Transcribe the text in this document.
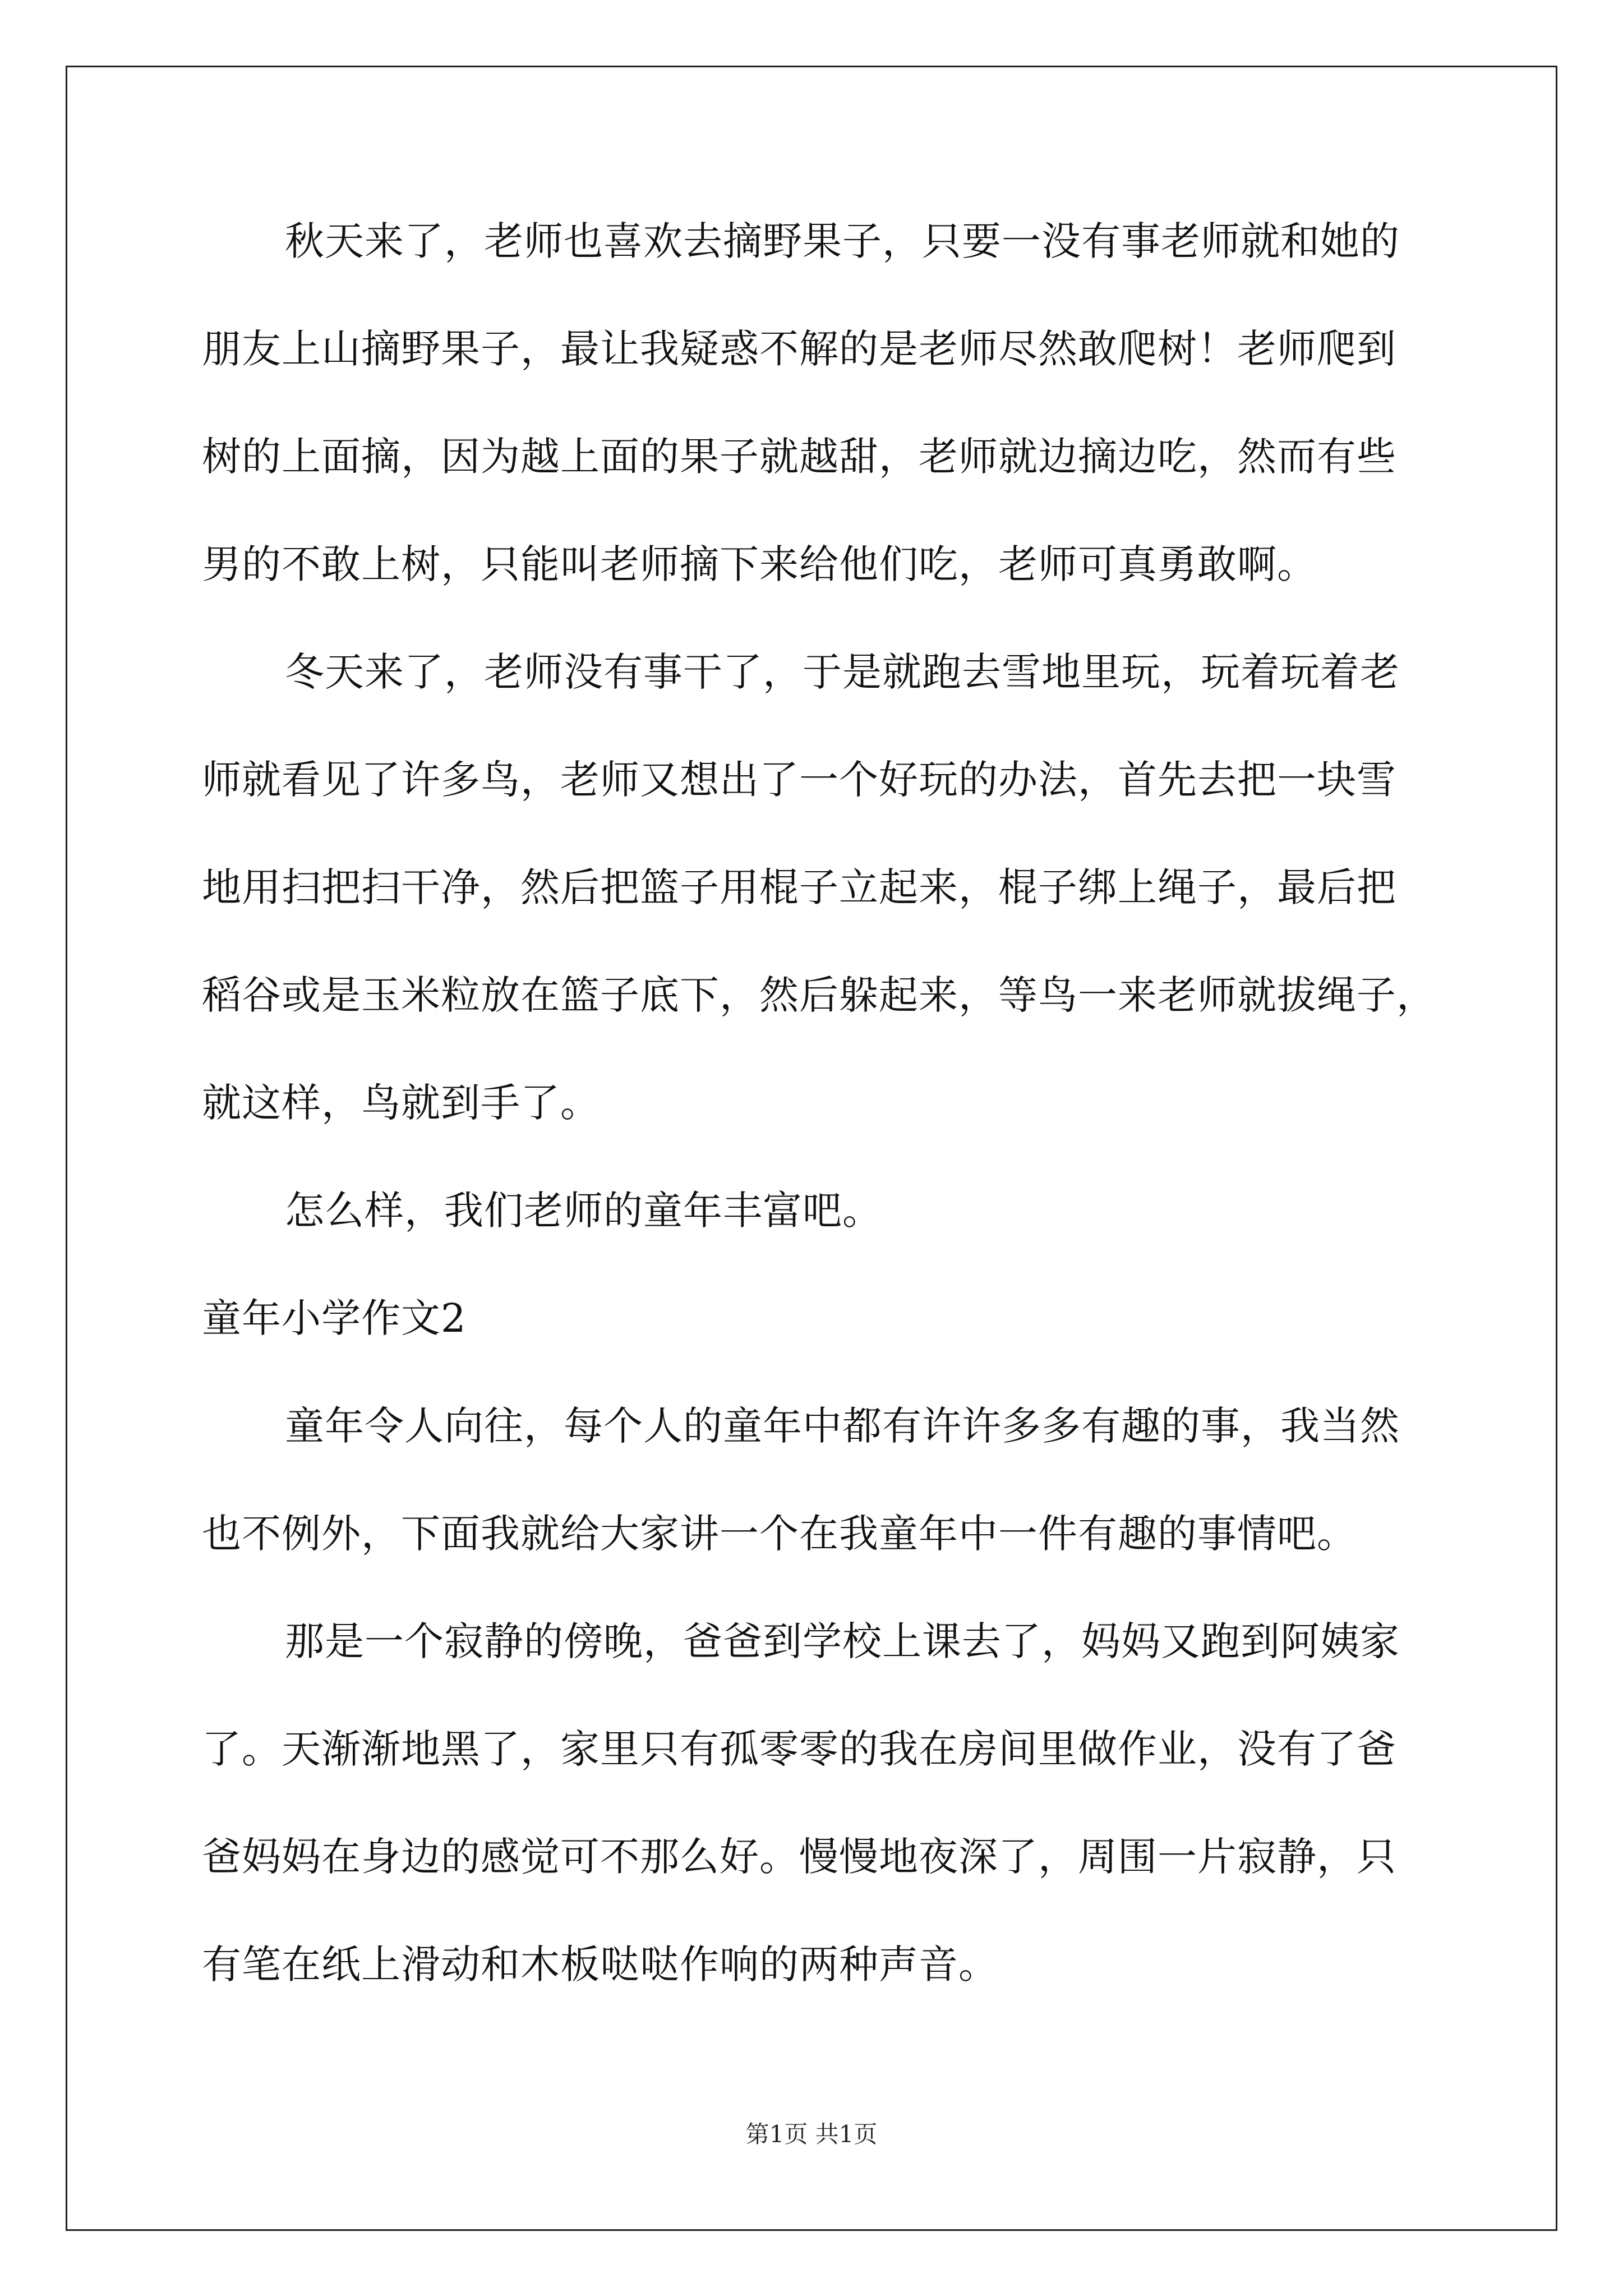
秋天来了，老师也喜欢去摘野果子，只要一没有事老师就和她的
朋友上山摘野果子，最让我疑惑不解的是老师尽然敢爬树！老师爬到
树的上面摘，因为越上面的果子就越甜，老师就边摘边吃，然而有些
男的不敢上树，只能叫老师摘下来给他们吃，老师可真勇敢啊。
冬天来了，老师没有事干了，于是就跑去雪地里玩，玩着玩着老
师就看见了许多鸟，老师又想出了一个好玩的办法，首先去把一块雪
地用扫把扫干净，然后把篮子用棍子立起来，棍子绑上绳子，最后把
稻谷或是玉米粒放在篮子底下，然后躲起来，等鸟一来老师就拔绳子，
就这样，鸟就到手了。
怎么样，我们老师的童年丰富吧。
童年小学作文2
童年令人向往，每个人的童年中都有许许多多有趣的事，我当然
也不例外，下面我就给大家讲一个在我童年中一件有趣的事情吧。
那是一个寂静的傍晚，爸爸到学校上课去了，妈妈又跑到阿姨家
了。天渐渐地黑了，家里只有孤零零的我在房间里做作业，没有了爸
爸妈妈在身边的感觉可不那么好。慢慢地夜深了，周围一片寂静，只
有笔在纸上滑动和木板哒哒作响的两种声音。
第1页 共1页
